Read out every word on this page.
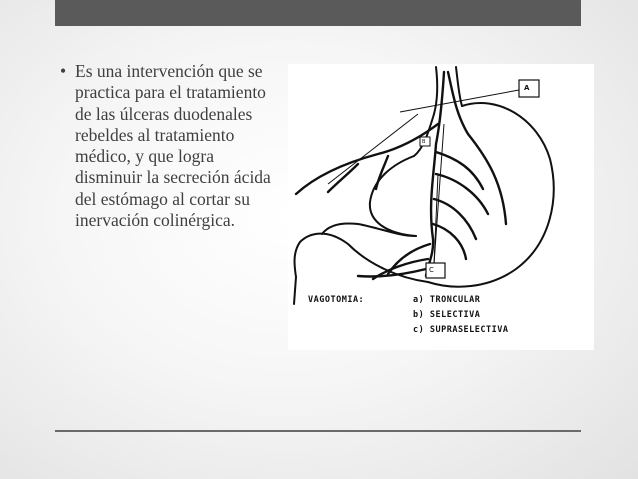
• Es una intervención que se practica para el tratamiento de las úlceras duodenales rebeldes al tratamiento médico, y que logra disminuir la secreción ácida del estómago al cortar su inervación colinérgica.
A
B
C
VAGOTOMIA:	a) TRONCULAR
b) SELECTIVA
c) SUPRASELECTIVA
